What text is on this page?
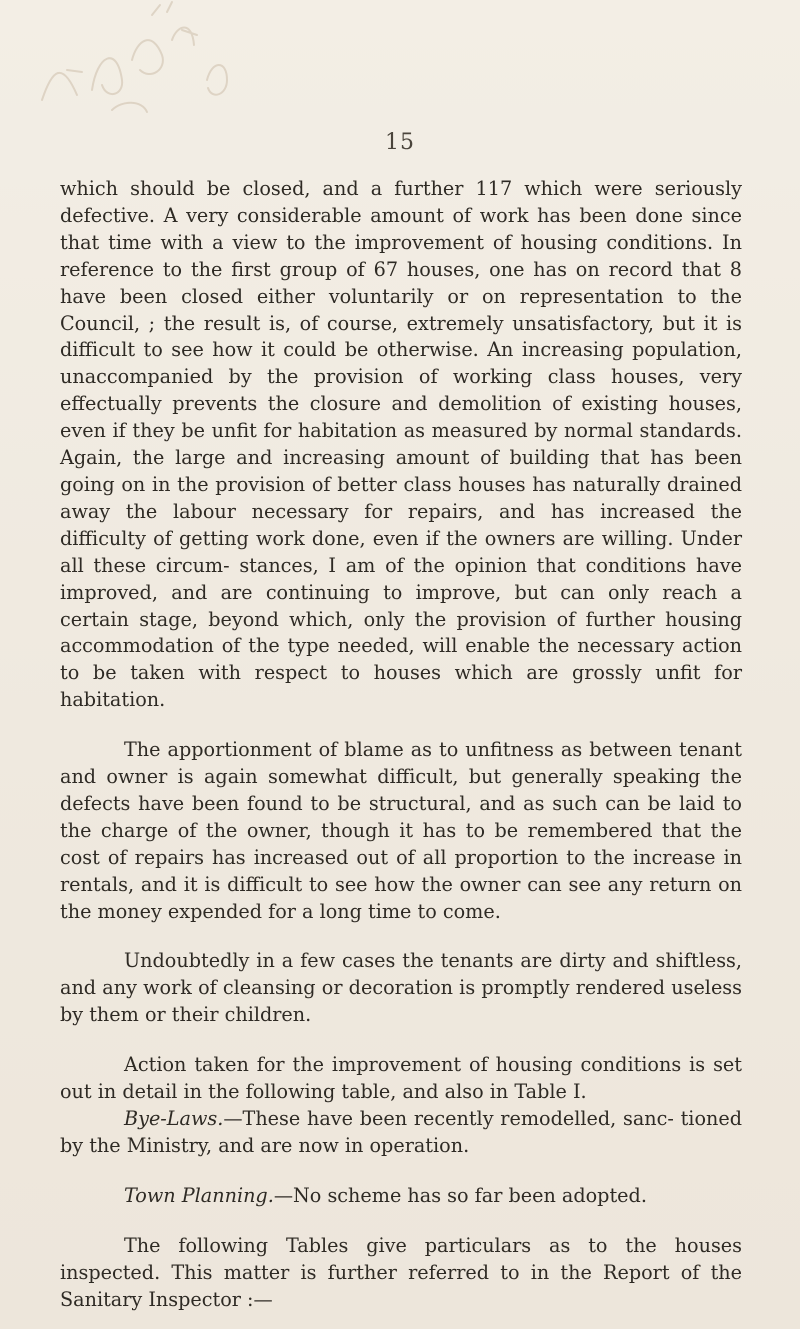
15

which should be closed, and a further 117 which were seriously defective. A very considerable amount of work has been done since that time with a view to the improvement of housing conditions. In reference to the first group of 67 houses, one has on record that 8 have been closed either voluntarily or on representation to the Council, ; the result is, of course, extremely unsatisfactory, but it is difficult to see how it could be otherwise. An increasing population, unaccompanied by the provision of working class houses, very effectually prevents the closure and demolition of existing houses, even if they be unfit for habitation as measured by normal standards. Again, the large and increasing amount of building that has been going on in the provision of better class houses has naturally drained away the labour necessary for repairs, and has increased the difficulty of getting work done, even if the owners are willing. Under all these circum- stances, I am of the opinion that conditions have improved, and are continuing to improve, but can only reach a certain stage, beyond which, only the provision of further housing accommodation of the type needed, will enable the necessary action to be taken with respect to houses which are grossly unfit for habitation.

The apportionment of blame as to unfitness as between tenant and owner is again somewhat difficult, but generally speaking the defects have been found to be structural, and as such can be laid to the charge of the owner, though it has to be remembered that the cost of repairs has increased out of all proportion to the increase in rentals, and it is difficult to see how the owner can see any return on the money expended for a long time to come.

Undoubtedly in a few cases the tenants are dirty and shiftless, and any work of cleansing or decoration is promptly rendered useless by them or their children.

Action taken for the improvement of housing conditions is set out in detail in the following table, and also in Table I.

Bye-Laws.—These have been recently remodelled, sanc- tioned by the Ministry, and are now in operation.

Town Planning.—No scheme has so far been adopted.

The following Tables give particulars as to the houses inspected. This matter is further referred to in the Report of the Sanitary Inspector :—
